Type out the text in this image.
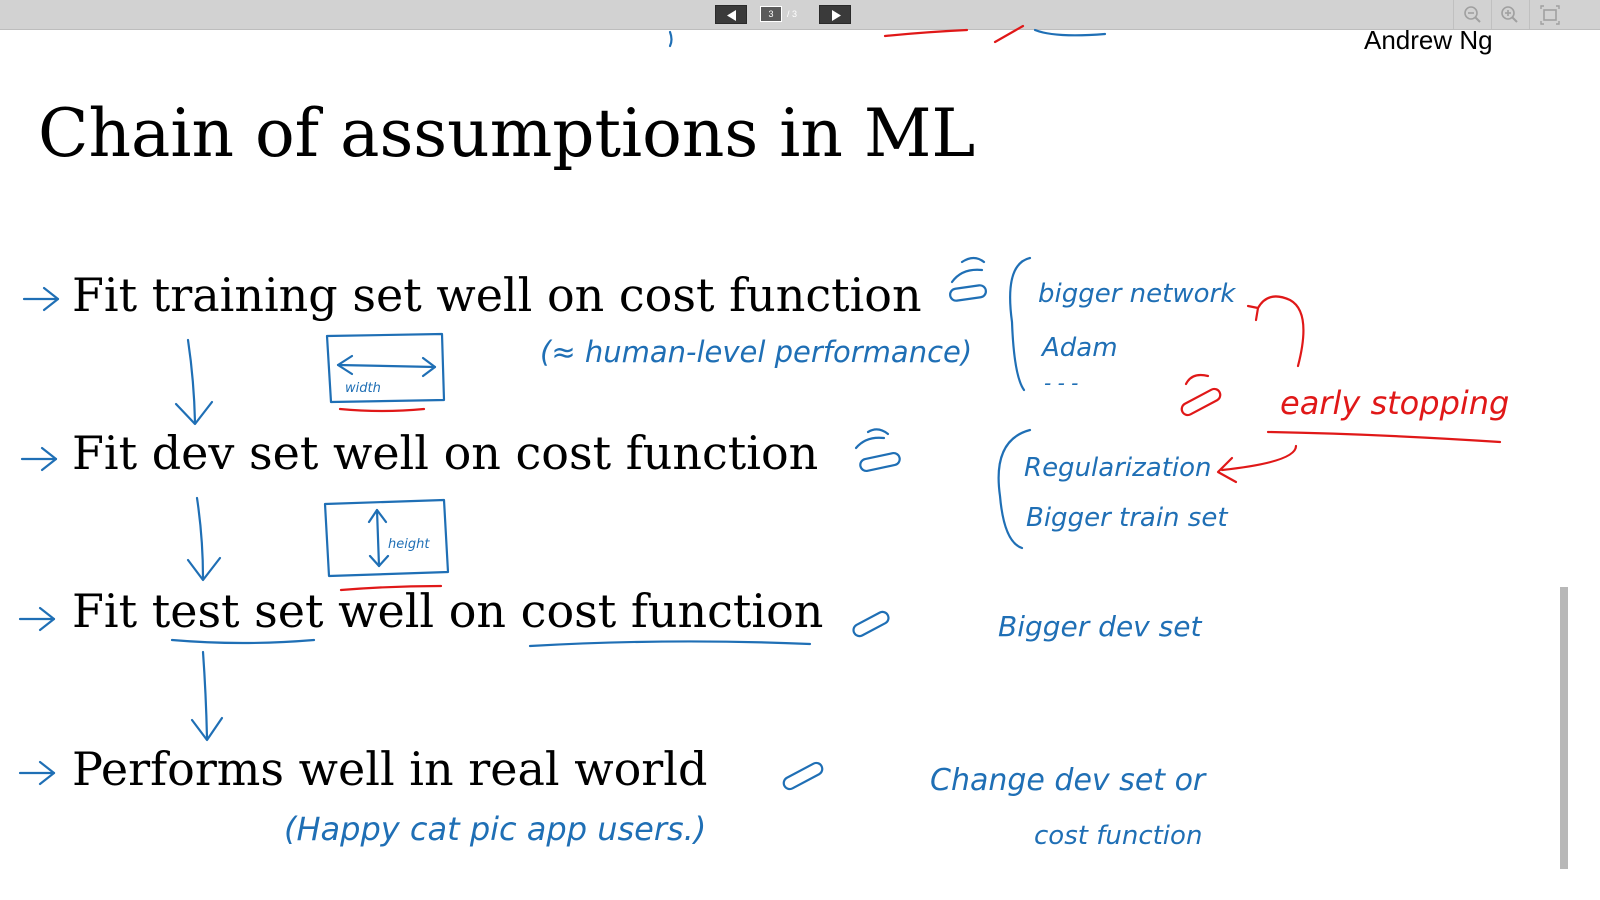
3	/ 3
Andrew Ng
Chain of assumptions in ML
Fit training set well on cost function
Fit dev set well on cost function
Fit test set well on cost function
Performs well in real world
(≈ human-level performance)
width
height
bigger network
Adam
- - -
Regularization
Bigger train set
Bigger dev set
(Happy cat pic app users.)
Change dev set or
cost function
early stopping
